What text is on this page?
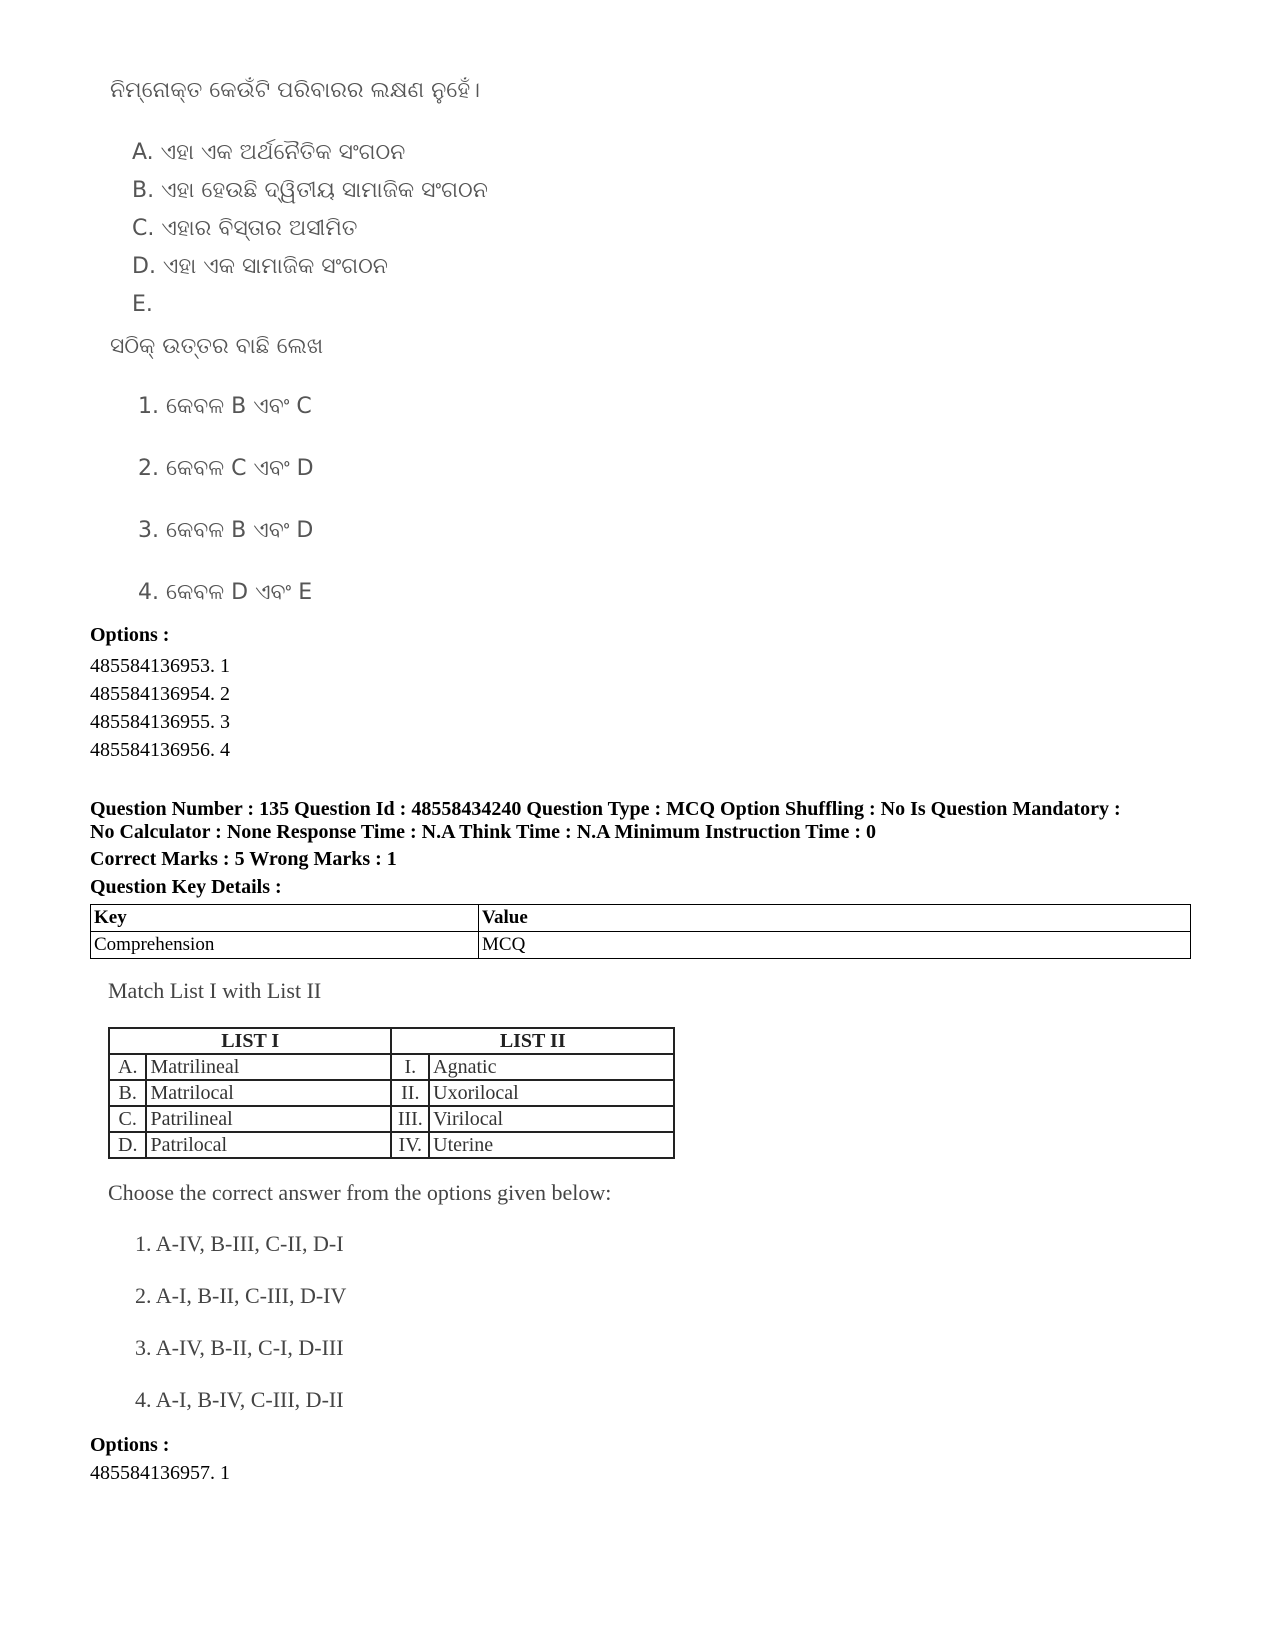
ନିମ୍ନୋକ୍ତ କେଉଁଟି ପରିବାରର ଲକ୍ଷଣ ନୁହେଁ।
A. ଏହା ଏକ ଅର୍ଥନୈତିକ ସଂଗଠନ
B. ଏହା ହେଉଛି ଦ୍ୱିତୀୟ ସାମାଜିକ ସଂଗଠନ
C. ଏହାର ବିସ୍ତାର ଅସୀମିତ
D. ଏହା ଏକ ସାମାଜିକ ସଂଗଠନ
E.
ସଠିକ୍ ଉତ୍ତର ବାଛି ଲେଖ
1. କେବଳ B ଏବଂ C
2. କେବଳ C ଏବଂ D
3. କେବଳ B ଏବଂ D
4. କେବଳ D ଏବଂ E
Options :
485584136953. 1
485584136954. 2
485584136955. 3
485584136956. 4
Question Number : 135 Question Id : 48558434240 Question Type : MCQ Option Shuffling : No Is Question Mandatory :
No Calculator : None Response Time : N.A Think Time : N.A Minimum Instruction Time : 0
Correct Marks : 5 Wrong Marks : 1
Question Key Details :
Key	Value
Comprehension	MCQ
Match List I with List II
LIST I		LIST II	
A.	Matrilineal	I.	Agnatic
B.	Matrilocal	II.	Uxorilocal
C.	Patrilineal	III.	Virilocal
D.	Patrilocal	IV.	Uterine
Choose the correct answer from the options given below:
1. A-IV, B-III, C-II, D-I
2. A-I, B-II, C-III, D-IV
3. A-IV, B-II, C-I, D-III
4. A-I, B-IV, C-III, D-II
Options :
485584136957. 1
